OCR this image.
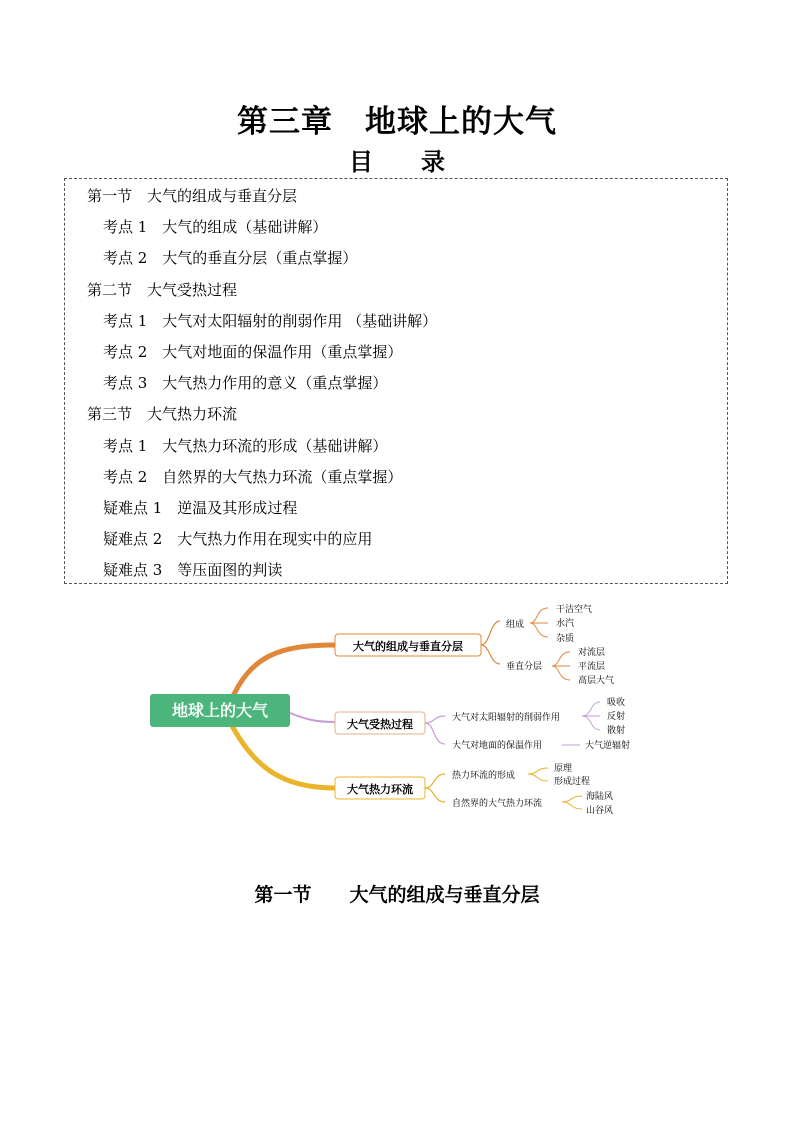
第三章　地球上的大气
目　　录
第一节　大气的组成与垂直分层
考点 1　大气的组成（基础讲解）
考点 2　大气的垂直分层（重点掌握）
第二节　大气受热过程
考点 1　大气对太阳辐射的削弱作用 （基础讲解）
考点 2　大气对地面的保温作用（重点掌握）
考点 3　大气热力作用的意义（重点掌握）
第三节　大气热力环流
考点 1　大气热力环流的形成（基础讲解）
考点 2　自然界的大气热力环流（重点掌握）
疑难点 1　逆温及其形成过程
疑难点 2　大气热力作用在现实中的应用
疑难点 3　等压面图的判读
地球上的大气
大气的组成与垂直分层
组成
垂直分层
干洁空气
水汽
杂质
对流层
平流层
高层大气
大气受热过程	大气对太阳辐射的削弱作用
大气对地面的保温作用
吸收
反射
散射
大气逆辐射
大气热力环流
热力环流的形成
自然界的大气热力环流
原理
形成过程
海陆风
山谷风
第一节　　大气的组成与垂直分层
